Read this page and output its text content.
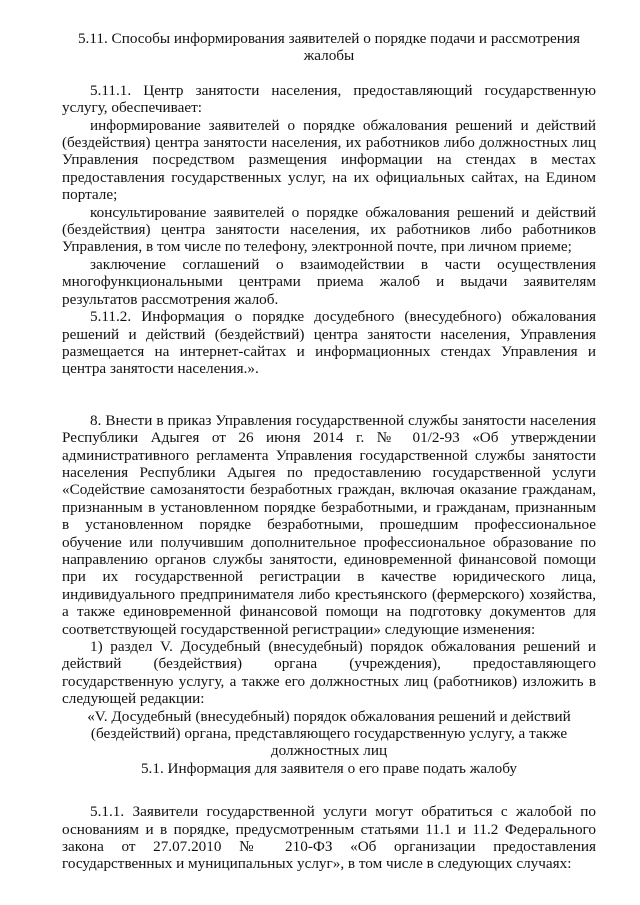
5.11. Способы информирования заявителей о порядке подачи и рассмотрения жалобы

5.11.1. Центр занятости населения, предоставляющий государственную услугу, обеспечивает:

информирование заявителей о порядке обжалования решений и действий (бездействия) центра занятости населения, их работников либо должностных лиц Управления посредством размещения информации на стендах в местах предоставления государственных услуг, на их официальных сайтах, на Едином портале;

консультирование заявителей о порядке обжалования решений и действий (бездействия) центра занятости населения, их работников либо работников Управления, в том числе по телефону, электронной почте, при личном приеме;

заключение соглашений о взаимодействии в части осуществления многофункциональными центрами приема жалоб и выдачи заявителям результатов рассмотрения жалоб.

5.11.2. Информация о порядке досудебного (внесудебного) обжалования решений и действий (бездействий) центра занятости населения, Управления размещается на интернет-сайтах и информационных стендах Управления и центра занятости населения.».

8. Внести в приказ Управления государственной службы занятости населения Республики Адыгея от 26 июня 2014 г. № 01/2-93 «Об утверждении административного регламента Управления государственной службы занятости населения Республики Адыгея по предоставлению государственной услуги «Содействие самозанятости безработных граждан, включая оказание гражданам, признанным в установленном порядке безработными, и гражданам, признанным в установленном порядке безработными, прошедшим профессиональное обучение или получившим дополнительное профессиональное образование по направлению органов службы занятости, единовременной финансовой помощи при их государственной регистрации в качестве юридического лица, индивидуального предпринимателя либо крестьянского (фермерского) хозяйства, а также единовременной финансовой помощи на подготовку документов для соответствующей государственной регистрации» следующие изменения:

1) раздел V. Досудебный (внесудебный) порядок обжалования решений и действий (бездействия) органа (учреждения), предоставляющего государственную услугу, а также его должностных лиц (работников) изложить в следующей редакции:

«V. Досудебный (внесудебный) порядок обжалования решений и действий (бездействий) органа, представляющего государственную услугу, а также должностных лиц

5.1. Информация для заявителя о его праве подать жалобу

5.1.1. Заявители государственной услуги могут обратиться с жалобой по основаниям и в порядке, предусмотренным статьями 11.1 и 11.2 Федерального закона от 27.07.2010 № 210-ФЗ «Об организации предоставления государственных и муниципальных услуг», в том числе в следующих случаях:
